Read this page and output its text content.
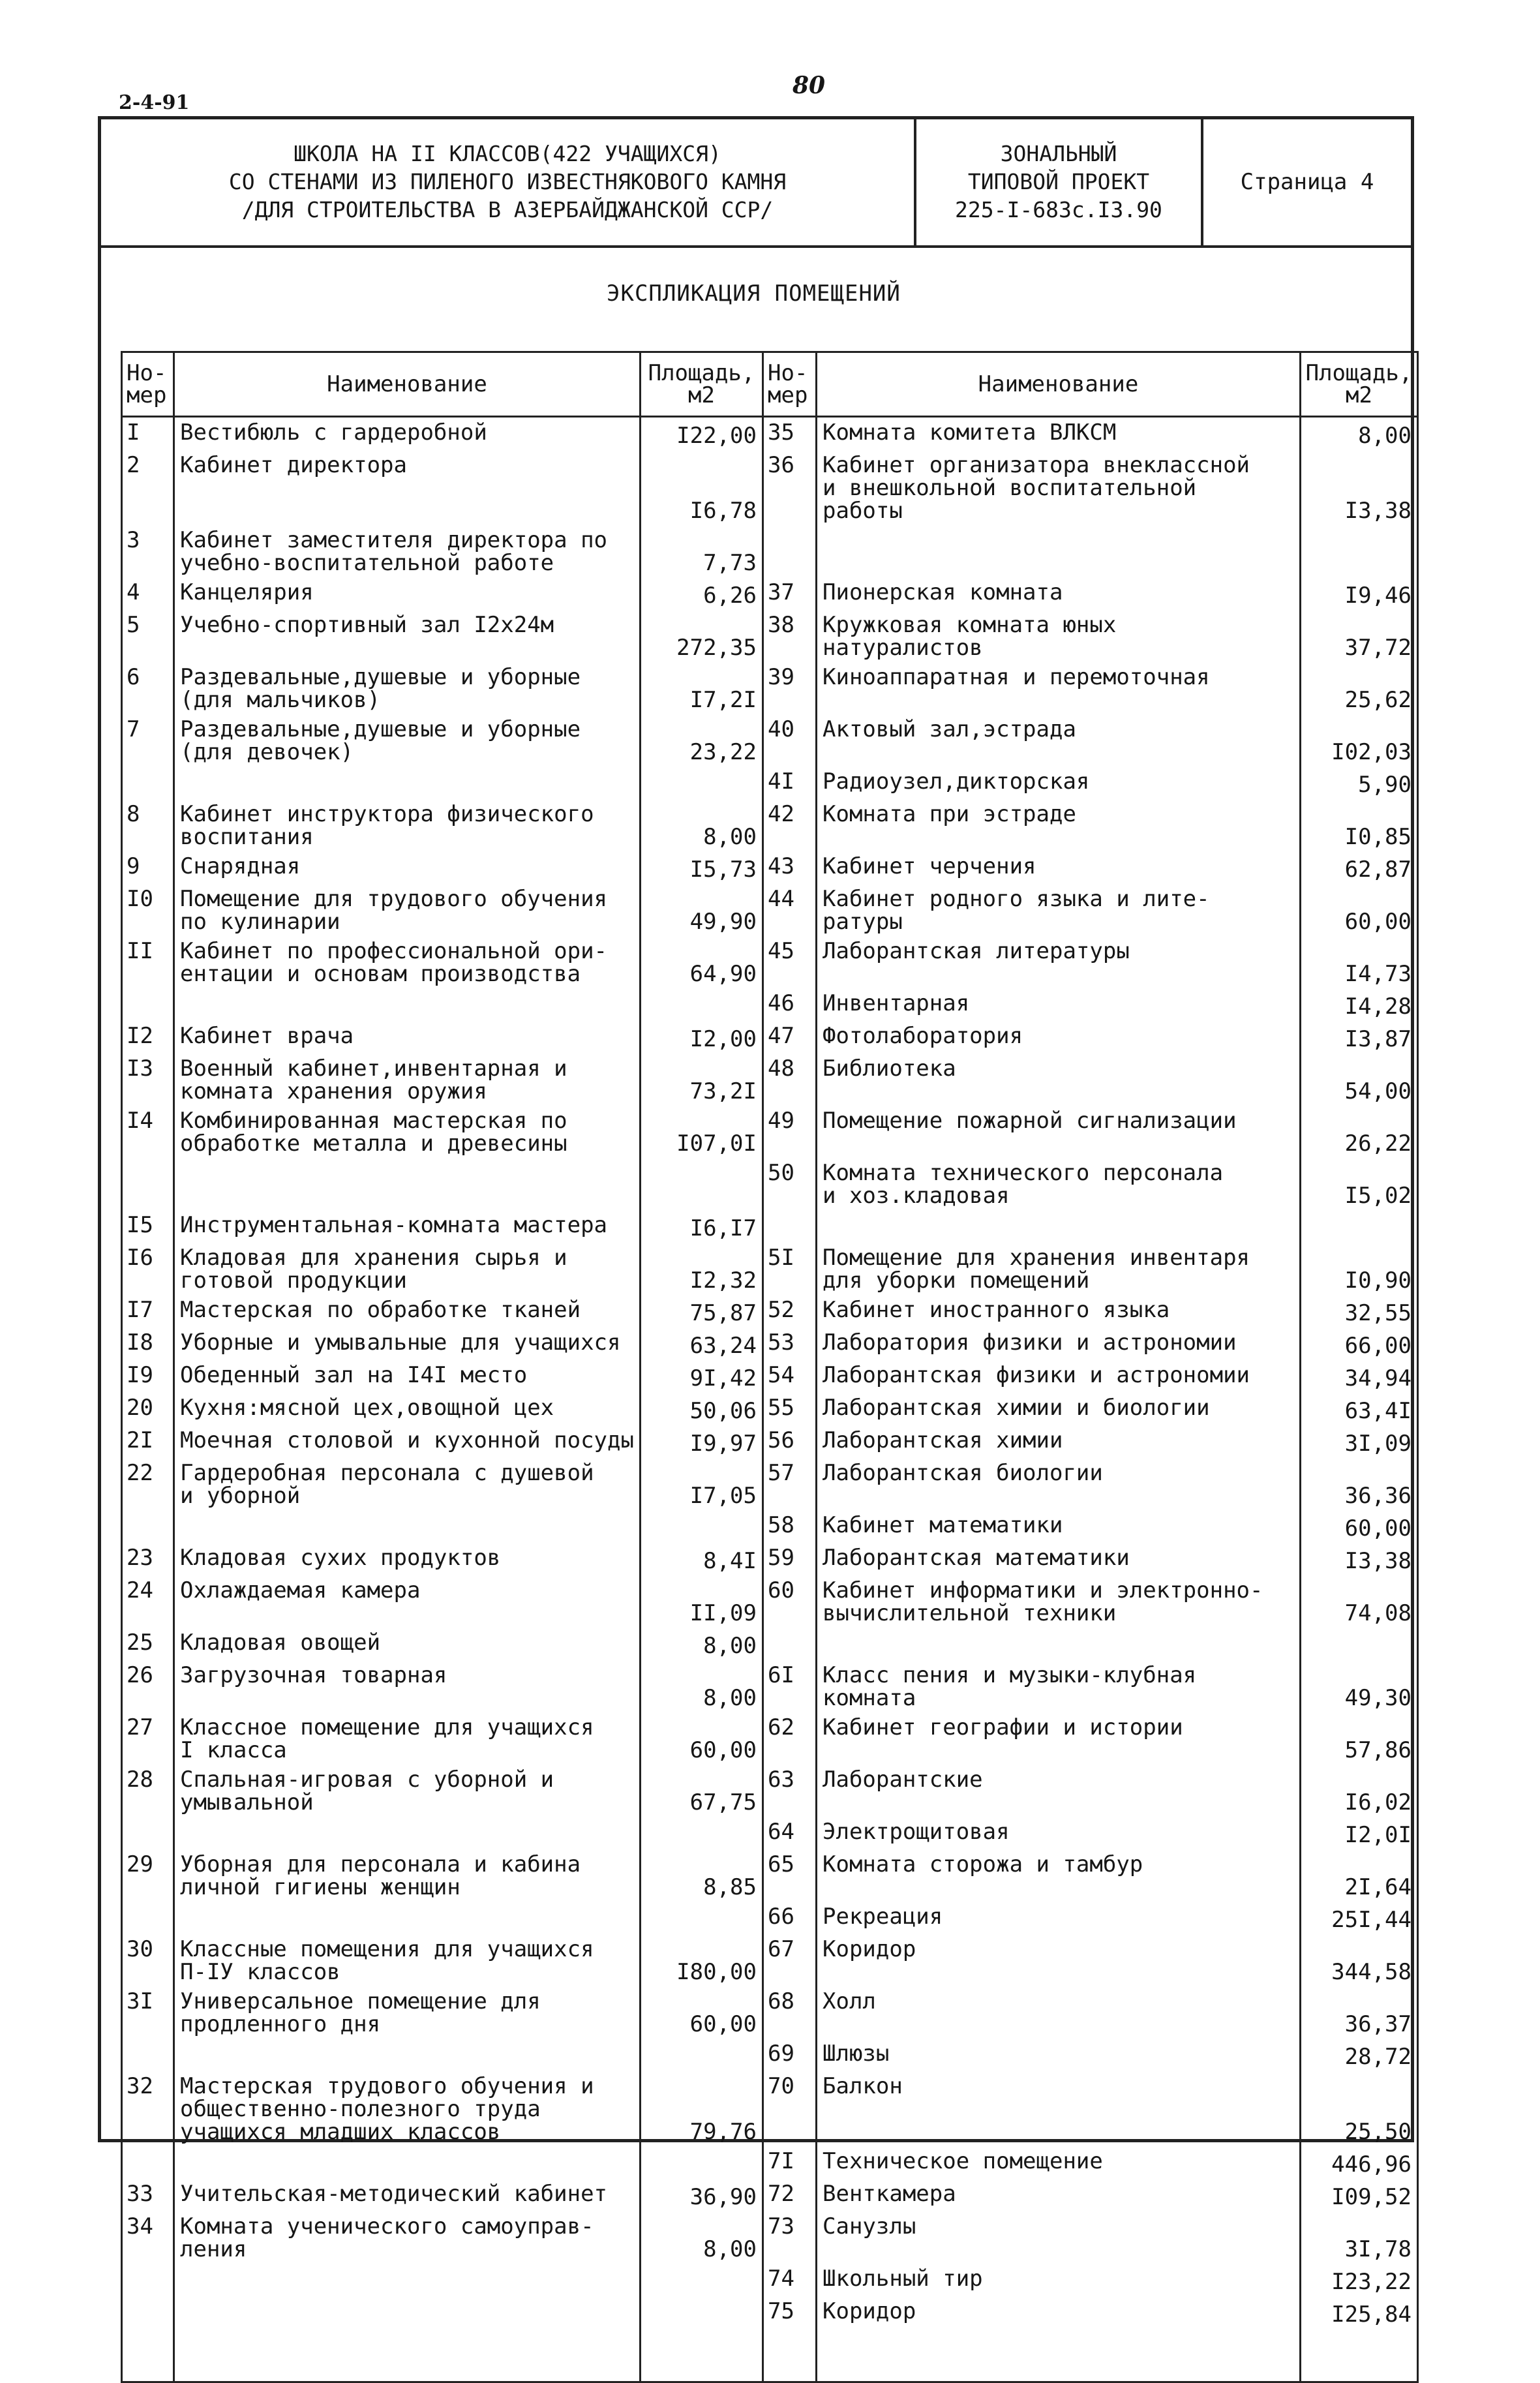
2-4-91
80
ШКОЛА НА II КЛАССОВ(422 УЧАЩИХСЯ)
СО СТЕНАМИ ИЗ ПИЛЕНОГО ИЗВЕСТНЯКОВОГО КАМНЯ
/ДЛЯ СТРОИТЕЛЬСТВА В АЗЕРБАЙДЖАНСКОЙ ССР/
ЗОНАЛЬНЫЙ
ТИПОВОЙ ПРОЕКТ
225-I-683с.I3.90
Страница 4
ЭКСПЛИКАЦИЯ ПОМЕЩЕНИЙ
Но-
мер	Наименование	Площадь,
м2	Но-
мер	Наименование	Площадь,
м2
I	Вестибюль с гардеробной	I22,00	35	Комната комитета ВЛКСМ	8,00
2	Кабинет директора	I6,78	36	Кабинет организатора внеклассной
и внешкольной воспитательной
работы	I3,38
3	Кабинет заместителя директора по
учебно-воспитательной работе	7,73			
4	Канцелярия	6,26	37	Пионерская комната	I9,46
5	Учебно-спортивный зал I2x24м	272,35	38	Кружковая комната юных
натуралистов	37,72
6	Раздевальные,душевые и уборные
(для мальчиков)	I7,2I	39	Киноаппаратная и перемоточная	25,62
7	Раздевальные,душевые и уборные
(для девочек)	23,22	40	Актовый зал,эстрада	I02,03
			4I	Радиоузел,дикторская	5,90
8	Кабинет инструктора физического
воспитания	8,00	42	Комната при эстраде	I0,85
9	Снарядная	I5,73	43	Кабинет черчения	62,87
I0	Помещение для трудового обучения
по кулинарии	49,90	44	Кабинет родного языка и лите-
ратуры	60,00
II	Кабинет по профессиональной ори-
ентации и основам производства	64,90	45	Лаборантская литературы	I4,73
			46	Инвентарная	I4,28
I2	Кабинет врача	I2,00	47	Фотолаборатория	I3,87
I3	Военный кабинет,инвентарная и
комната хранения оружия	73,2I	48	Библиотека	54,00
I4	Комбинированная мастерская по
обработке металла и древесины	I07,0I	49	Помещение пожарной сигнализации	26,22
			50	Комната технического персонала
и хоз.кладовая	I5,02
I5	Инструментальная-комната мастера	I6,I7			
I6	Кладовая для хранения сырья и
готовой продукции	I2,32	5I	Помещение для хранения инвентаря
для уборки помещений	I0,90
I7	Мастерская по обработке тканей	75,87	52	Кабинет иностранного языка	32,55
I8	Уборные и умывальные для учащихся	63,24	53	Лаборатория физики и астрономии	66,00
I9	Обеденный зал на I4I место	9I,42	54	Лаборантская физики и астрономии	34,94
20	Кухня:мясной цех,овощной цех	50,06	55	Лаборантская химии и биологии	63,4I
2I	Моечная столовой и кухонной посуды	I9,97	56	Лаборантская химии	3I,09
22	Гардеробная персонала с душевой
и уборной	I7,05	57	Лаборантская биологии	36,36
			58	Кабинет математики	60,00
23	Кладовая сухих продуктов	8,4I	59	Лаборантская математики	I3,38
24	Охлаждаемая камера	II,09	60	Кабинет информатики и электронно-
вычислительной техники	74,08
25	Кладовая овощей	8,00			
26	Загрузочная товарная	8,00	6I	Класс пения и музыки-клубная
комната	49,30
27	Классное помещение для учащихся
I класса	60,00	62	Кабинет географии и истории	57,86
28	Спальная-игровая с уборной и
умывальной	67,75	63	Лаборантские	I6,02
			64	Электрощитовая	I2,0I
29	Уборная для персонала и кабина
личной гигиены женщин	8,85	65	Комната сторожа и тамбур	2I,64
			66	Рекреация	25I,44
30	Классные помещения для учащихся
П-IУ классов	I80,00	67	Коридор	344,58
3I	Универсальное помещение для
продленного дня	60,00	68	Холл	36,37
			69	Шлюзы	28,72
32	Мастерская трудового обучения и
общественно-полезного труда
учащихся младших классов	79,76	70	Балкон	25,50
			7I	Техническое помещение	446,96
33	Учительская-методический кабинет	36,90	72	Венткамера	I09,52
34	Комната ученического самоуправ-
ления	8,00	73	Санузлы	3I,78
			74	Школьный тир	I23,22
			75	Коридор	I25,84
